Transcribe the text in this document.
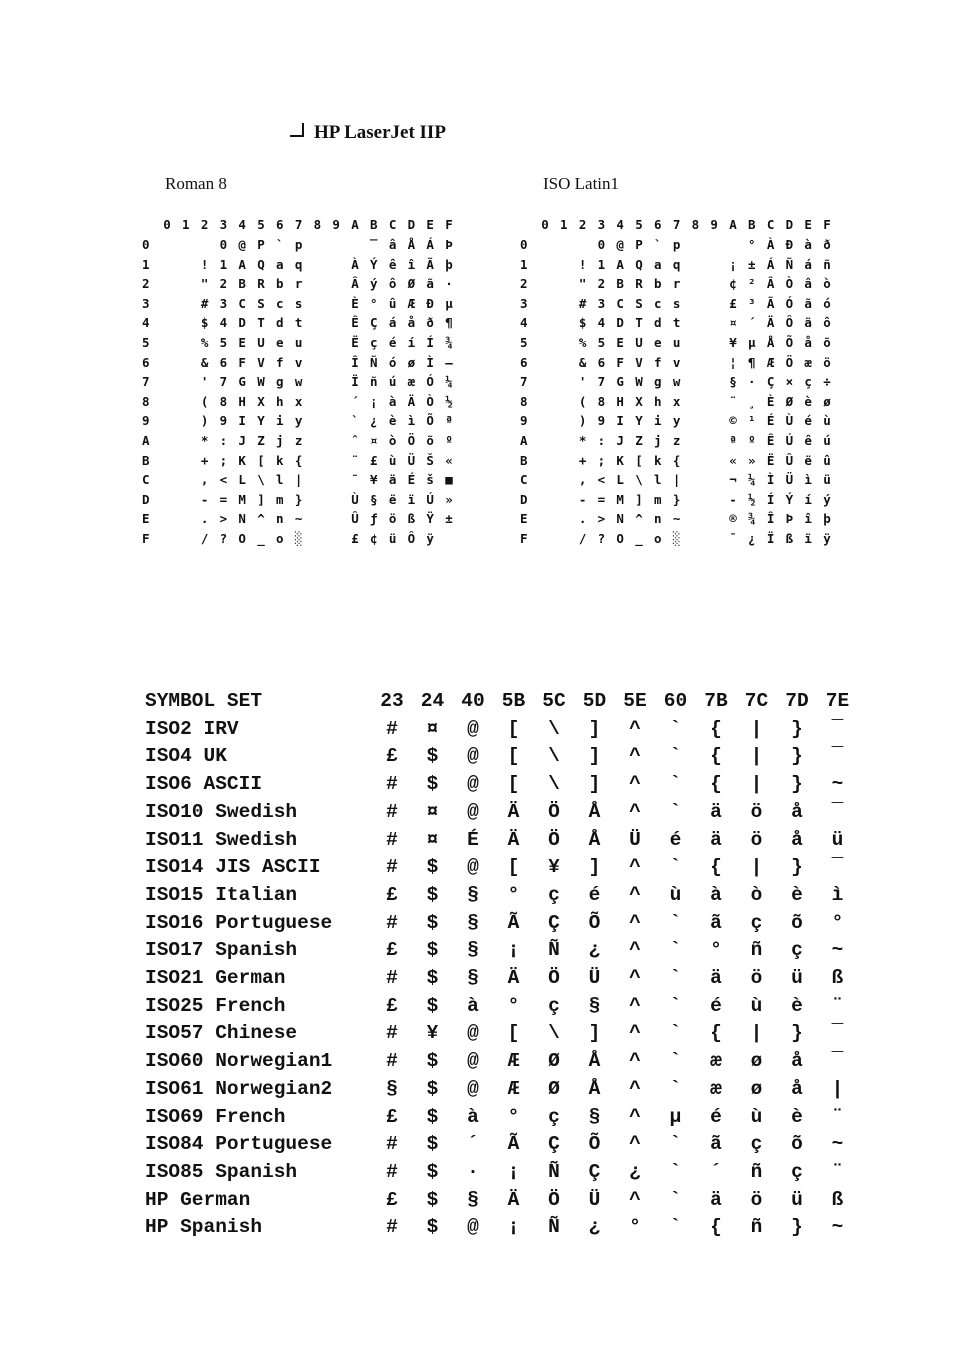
HP LaserJet IIP
Roman 8	ISO Latin1
0 1 2 3 4 5 6 7 8 9 A B C D E F
0	0 @ P ` p	‾ â Å Á Þ
1	! 1 A Q a q	À Ý ê î Ã þ
2	" 2 B R b r	Â ý ô Ø ã ·
3	# 3 C S c s	È ° û Æ Ð µ
4	$ 4 D T d t	Ê Ç á å ð ¶
5	% 5 E U e u	Ë ç é í Í ¾
6	& 6 F V f v	Î Ñ ó ø Ì —
7	' 7 G W g w	Ï ñ ú æ Ó ¼
8	( 8 H X h x	´ ¡ à Ä Ò ½
9	) 9 I Y i y	` ¿ è ì Õ ª
A	* : J Z j z	ˆ ¤ ò Ö õ º
B	+ ; K [ k {	¨ £ ù Ü Š «
C	, < L \ l |	˜ ¥ ä É š ■
D	- = M ] m }	Ù § ë ï Ú »
E	. > N ^ n ~	Û ƒ ö ß Ÿ ±
F	/ ? O _ o ░	£ ¢ ü Ô ÿ
0 1 2 3 4 5 6 7 8 9 A B C D E F
0	0 @ P ` p	° À Ð à ð
1	! 1 A Q a q	¡ ± Á Ñ á ñ
2	" 2 B R b r	¢ ² Â Ò â ò
3	# 3 C S c s	£ ³ Ã Ó ã ó
4	$ 4 D T d t	¤ ´ Ä Ô ä ô
5	% 5 E U e u	¥ µ Å Õ å õ
6	& 6 F V f v	¦ ¶ Æ Ö æ ö
7	' 7 G W g w	§ · Ç × ç ÷
8	( 8 H X h x	¨ ¸ È Ø è ø
9	) 9 I Y i y	© ¹ É Ù é ù
A	* : J Z j z	ª º Ê Ú ê ú
B	+ ; K [ k {	« » Ë Û ë û
C	, < L \ l |	¬ ¼ Ì Ü ì ü
D	- = M ] m }	- ½ Í Ý í ý
E	. > N ^ n ~	® ¾ Î Þ î þ
F	/ ? O _ o ░	¯ ¿ Ï ß ï ÿ
SYMBOL SET	23 24 40 5B 5C 5D 5E 60 7B 7C 7D 7E
ISO2 IRV	#	¤	@	[	\	]	^	`	{	|	}	‾
ISO4 UK	£	$	@	[	\	]	^	`	{	|	}	‾
ISO6 ASCII	#	$	@	[	\	]	^	`	{	|	}	~
ISO10 Swedish	#	¤	@	Ä	Ö	Å	^	`	ä	ö	å	‾
ISO11 Swedish	#	¤	É	Ä	Ö	Å	Ü	é	ä	ö	å	ü
ISO14 JIS ASCII	#	$	@	[	¥	]	^	`	{	|	}	‾
ISO15 Italian	£	$	§	°	ç	é	^	ù	à	ò	è	ì
ISO16 Portuguese	#	$	§	Ã	Ç	Õ	^	`	ã	ç	õ	°
ISO17 Spanish	£	$	§	¡	Ñ	¿	^	`	°	ñ	ç	~
ISO21 German	#	$	§	Ä	Ö	Ü	^	`	ä	ö	ü	ß
ISO25 French	£	$	à	°	ç	§	^	`	é	ù	è	¨
ISO57 Chinese	#	¥	@	[	\	]	^	`	{	|	}	‾
ISO60 Norwegian1	#	$	@	Æ	Ø	Å	^	`	æ	ø	å	‾
ISO61 Norwegian2	§	$	@	Æ	Ø	Å	^	`	æ	ø	å	|
ISO69 French	£	$	à	°	ç	§	^	µ	é	ù	è	¨
ISO84 Portuguese	#	$	´	Ã	Ç	Õ	^	`	ã	ç	õ	~
ISO85 Spanish	#	$	·	¡	Ñ	Ç	¿	`	´	ñ	ç	¨
HP German	£	$	§	Ä	Ö	Ü	^	`	ä	ö	ü	ß
HP Spanish	#	$	@	¡	Ñ	¿	°	`	{	ñ	}	~
